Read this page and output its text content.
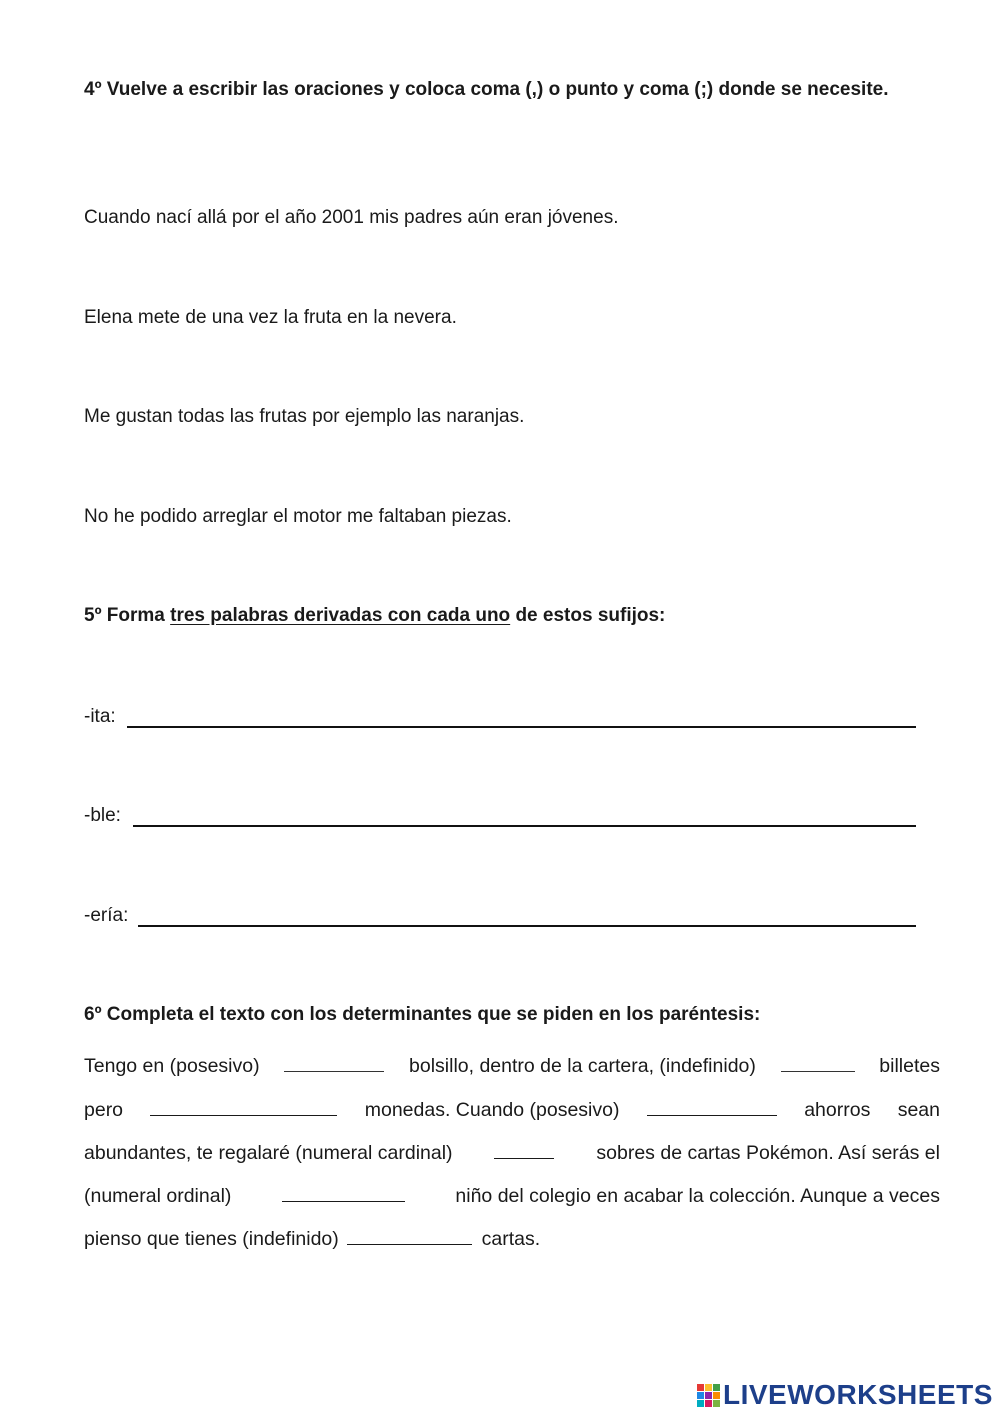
4º Vuelve a escribir las oraciones y coloca coma (,) o punto y coma (;) donde se necesite.
Cuando nací allá por el año 2001 mis padres aún eran jóvenes.
Elena mete de una vez la fruta en la nevera.
Me gustan todas las frutas por ejemplo las naranjas.
No he podido arreglar el motor me faltaban piezas.
5º Forma tres palabras derivadas con cada uno de estos sufijos:
-ita:
-ble:
-ería:
6º Completa el texto con los determinantes que se piden en los paréntesis:
Tengo en (posesivo)	bolsillo, dentro de la cartera, (indefinido)	billetes
pero	monedas. Cuando (posesivo)	ahorros sean
abundantes, te regalaré (numeral cardinal)	sobres de cartas Pokémon. Así serás el
(numeral ordinal)	niño del colegio en acabar la colección. Aunque a veces
pienso que tienes (indefinido)	cartas.
LIVEWORKSHEETS
